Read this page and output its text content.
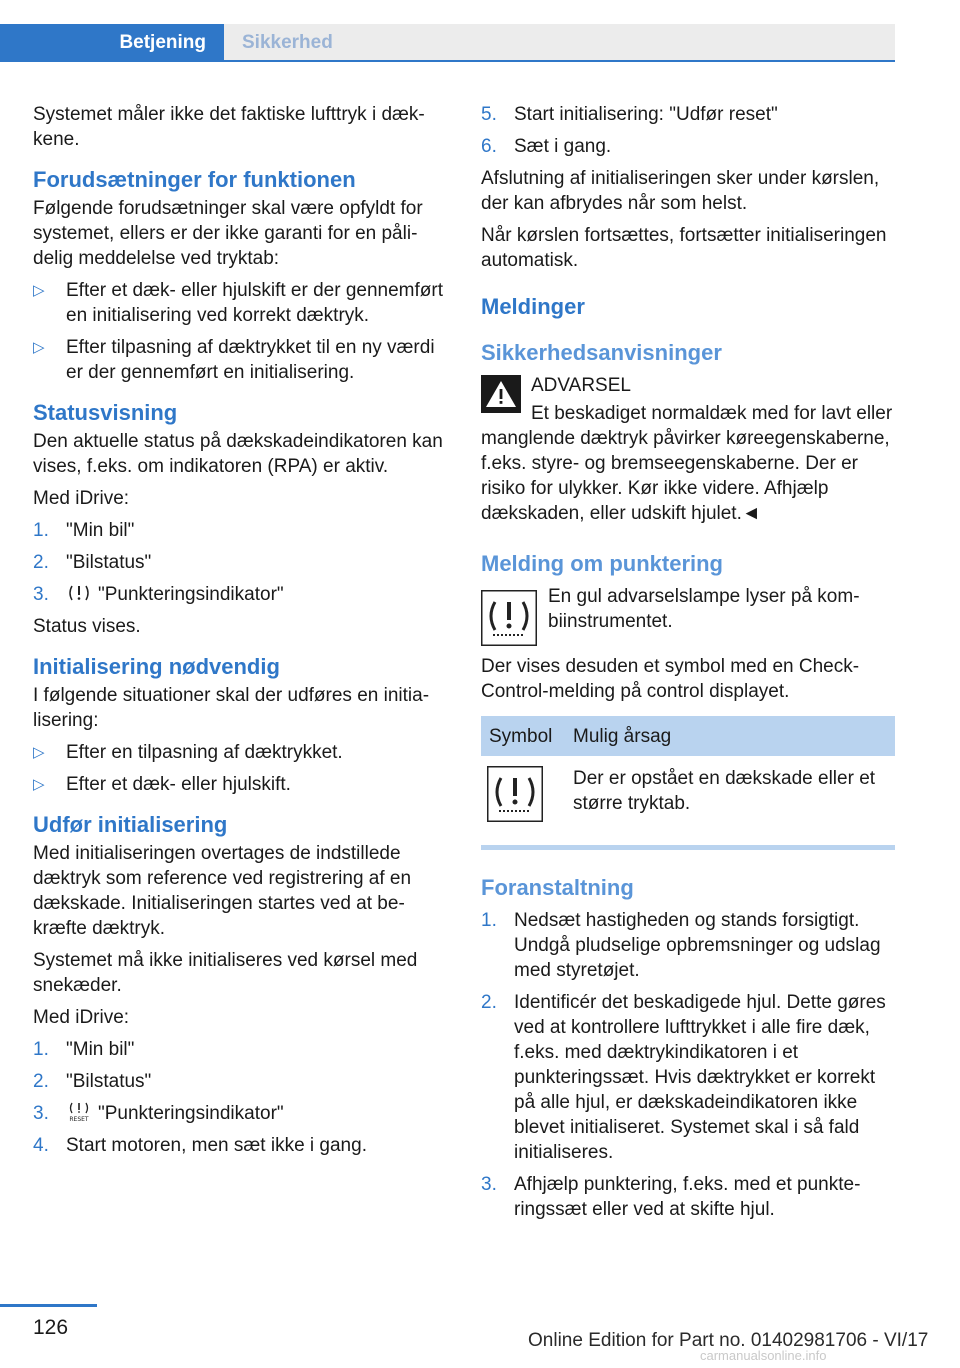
Betjening	Sikkerhed

Systemet måler ikke det faktiske lufttryk i dækkene.

Forudsætninger for funktionen

Følgende forudsætninger skal være opfyldt for systemet, ellers er der ikke garanti for en pålidelig meddelelse ved tryktab:

▷ Efter et dæk- eller hjulskift er der gennemført en initialisering ved korrekt dæktryk.
▷ Efter tilpasning af dæktrykket til en ny værdi er der gennemført en initialisering.
Statusvisning

Den aktuelle status på dækskadeindikatoren kan vises, f.eks. om indikatoren (RPA) er aktiv.

Med iDrive:

1. "Min bil"
2. "Bilstatus"
3.	"Punkteringsindikator"

Status vises.

Initialisering nødvendig

I følgende situationer skal der udføres en initialisering:

▷ Efter en tilpasning af dæktrykket.
▷ Efter et dæk- eller hjulskift.
Udfør initialisering

Med initialiseringen overtages de indstillede dæktryk som reference ved registrering af en dækskade. Initialiseringen startes ved at bekræfte dæktryk.

Systemet må ikke initialiseres ved kørsel med snekæder.

Med iDrive:

1. "Min bil"
2. "Bilstatus"
3.	RESET "Punkteringsindikator"
4. Start motoren, men sæt ikke i gang.
5. Start initialisering: "Udfør reset"
6. Sæt i gang.

Afslutning af initialiseringen sker under kørslen, der kan afbrydes når som helst.

Når kørslen fortsættes, fortsætter initialiseringen automatisk.

Meldinger
Sikkerhedsanvisninger

ADVARSEL

Et beskadiget normaldæk med for lavt eller manglende dæktryk påvirker køreegenskaberne, f.eks. styre- og bremseegenskaberne. Der er risiko for ulykker. Kør ikke videre. Afhjælp dækskaden, eller udskift hjulet.◄

Melding om punktering

En gul advarselslampe lyser på kombiinstrumentet.

Der vises desuden et symbol med en Check-Control-melding på control displayet.

Symbol	Mulig årsag
	Der er opstået en dækskade eller et større tryktab.
Foranstaltning
1. Nedsæt hastigheden og stands forsigtigt. Undgå pludselige opbremsninger og udslag med styretøjet.
2. Identificér det beskadigede hjul. Dette gøres ved at kontrollere lufttrykket i alle fire dæk, f.eks. med dæktrykindikatoren i et punkteringssæt. Hvis dæktrykket er korrekt på alle hjul, er dækskadeindikatoren ikke blevet initialiseret. Systemet skal i så fald initialiseres.
3. Afhjælp punktering, f.eks. med et punkteringssæt eller ved at skifte hjul.
126
Online Edition for Part no. 01402981706 - VI/17
carmanualsonline.info
